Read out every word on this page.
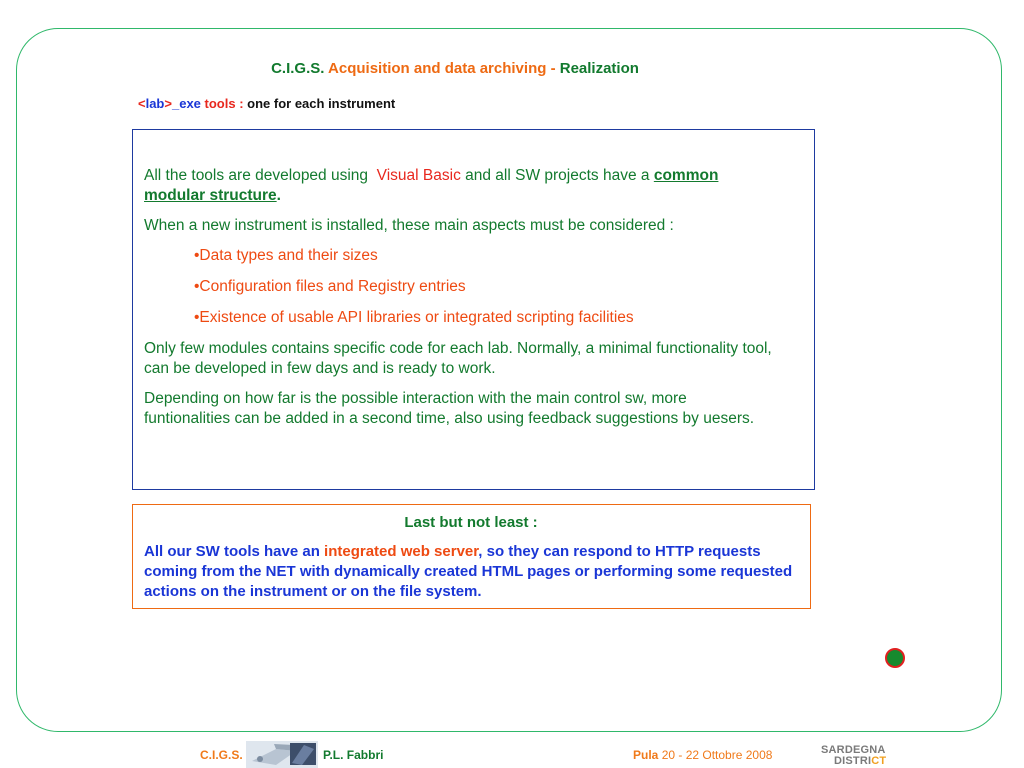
C.I.G.S. Acquisition and data archiving - Realization
<lab>_exe tools : one for each instrument

All the tools are developed using Visual Basic and all SW projects have a common modular structure.

When a new instrument is installed, these main aspects must be considered :

•Data types and their sizes

•Configuration files and Registry entries

•Existence of usable API libraries or integrated scripting facilities

Only few modules contains specific code for each lab. Normally, a minimal functionality tool, can be developed in few days and is ready to work.

Depending on how far is the possible interaction with the main control sw, more funtionalities can be added in a second time, also using feedback suggestions by uesers.

Last but not least :
All our SW tools have an integrated web server, so they can respond to HTTP requests coming from the NET with dynamically created HTML pages or performing some requested actions on the instrument or on the file system.
C.I.G.S.	P.L. Fabbri	Pula 20 - 22 Ottobre 2008	SARDEGNA
DISTRICT
